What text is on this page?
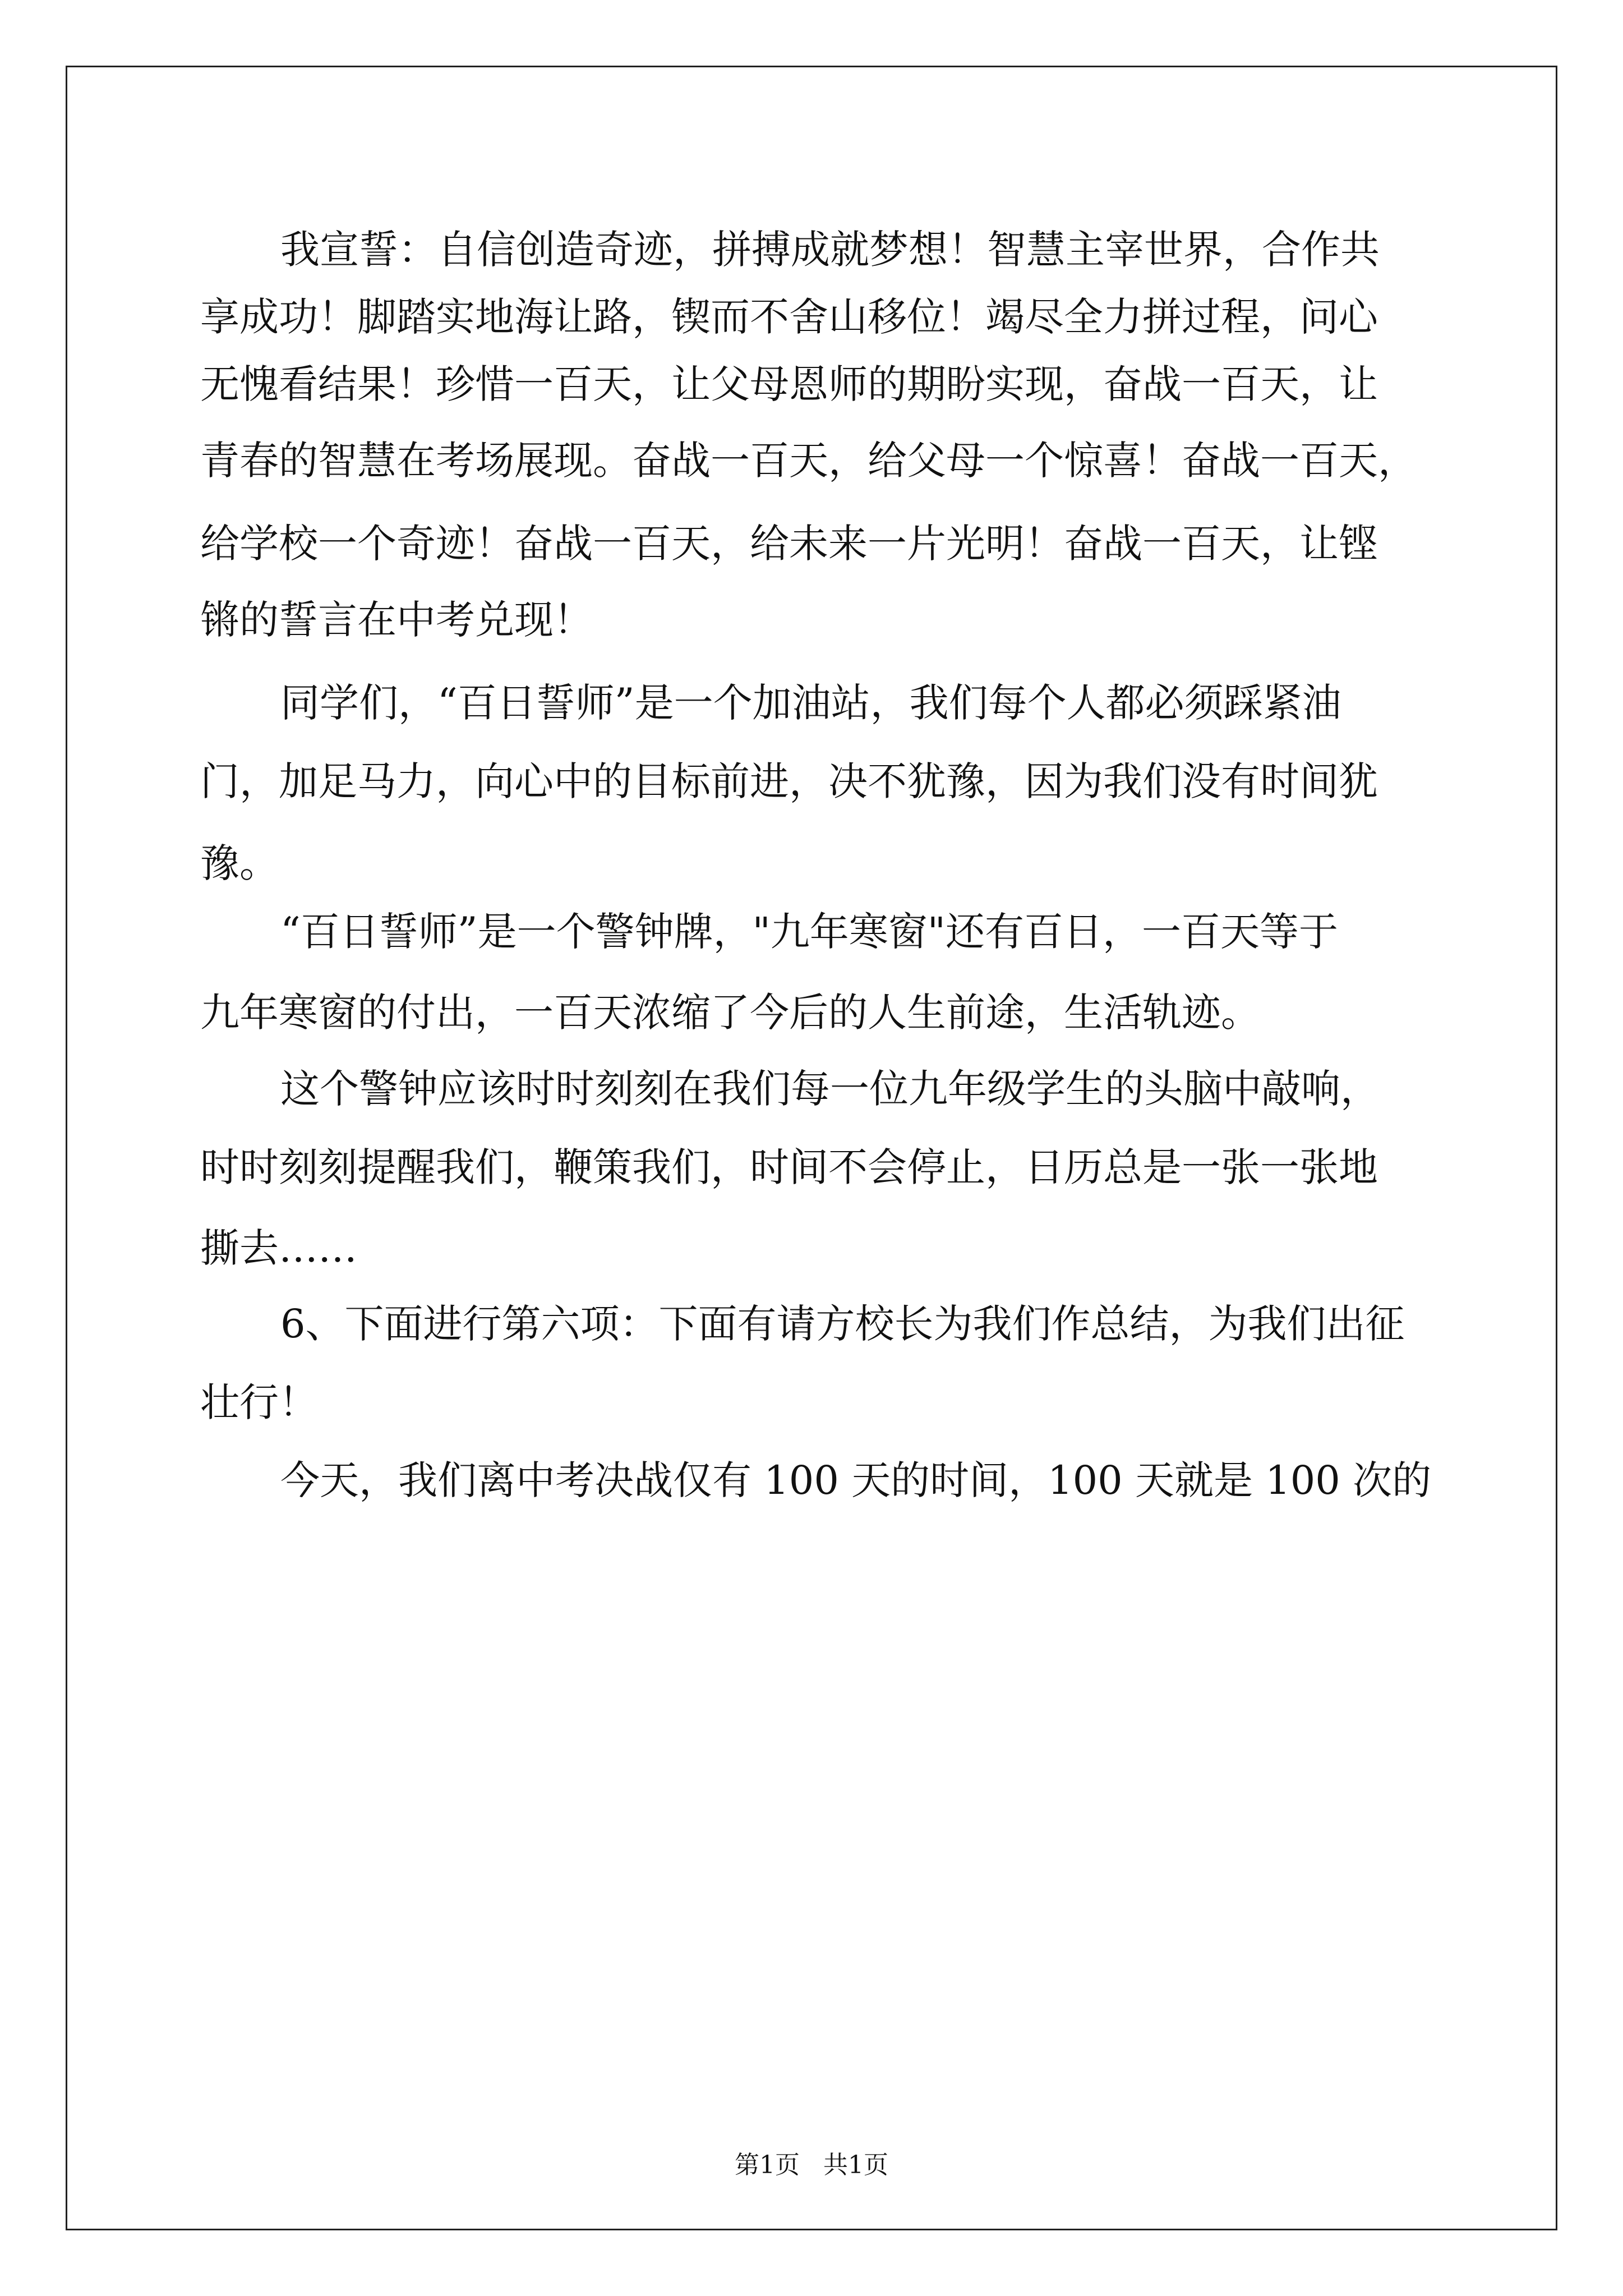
我宣誓：自信创造奇迹，拼搏成就梦想！智慧主宰世界，合作共
享成功！脚踏实地海让路，锲而不舍山移位！竭尽全力拼过程，问心
无愧看结果！珍惜一百天，让父母恩师的期盼实现，奋战一百天，让
青春的智慧在考场展现。奋战一百天，给父母一个惊喜！奋战一百天，
给学校一个奇迹！奋战一百天，给未来一片光明！奋战一百天，让铿
锵的誓言在中考兑现！
同学们，“百日誓师”是一个加油站，我们每个人都必须踩紧油
门，加足马力，向心中的目标前进，决不犹豫，因为我们没有时间犹
豫。
“百日誓师”是一个警钟牌，"九年寒窗"还有百日，一百天等于
九年寒窗的付出，一百天浓缩了今后的人生前途，生活轨迹。
这个警钟应该时时刻刻在我们每一位九年级学生的头脑中敲响，
时时刻刻提醒我们，鞭策我们，时间不会停止，日历总是一张一张地
撕去……
6、下面进行第六项：下面有请方校长为我们作总结，为我们出征
壮行！
今天，我们离中考决战仅有 100 天的时间，100 天就是 100 次的
第1页   共1页
